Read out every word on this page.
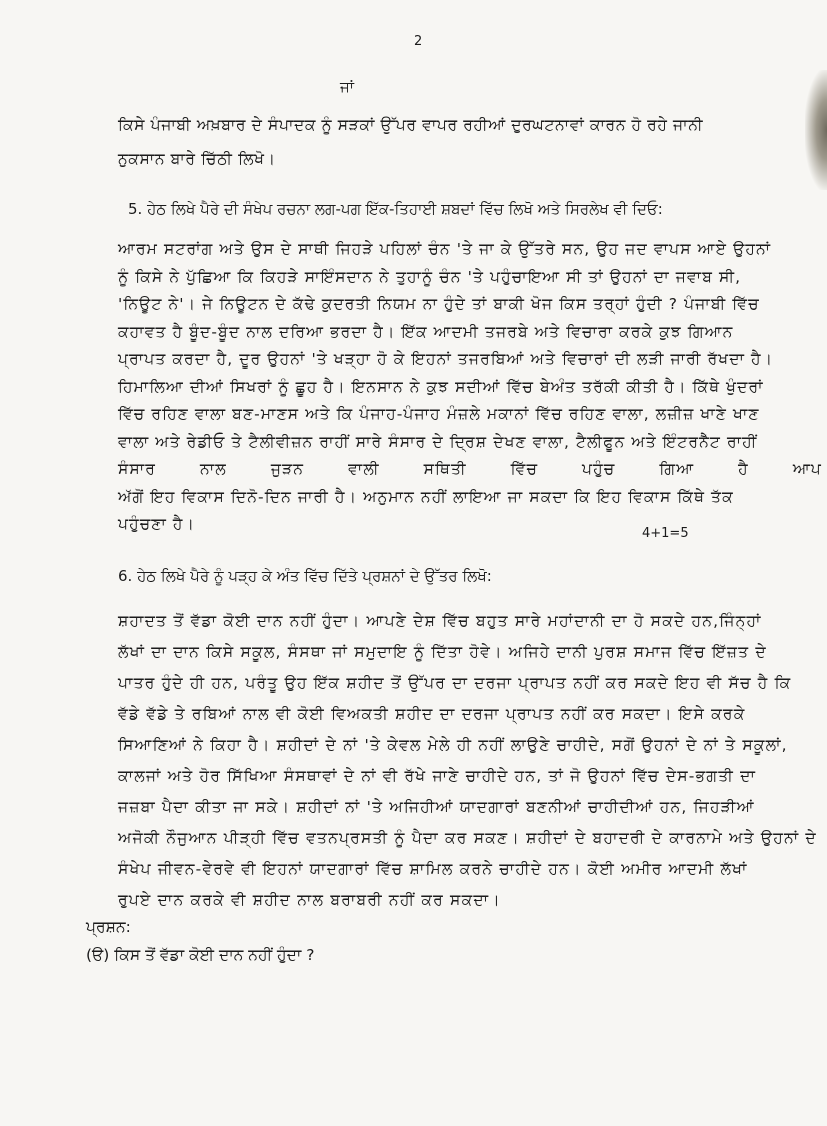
2
ਜਾਂ
ਕਿਸੇ ਪੰਜਾਬੀ ਅਖ਼ਬਾਰ ਦੇ ਸੰਪਾਦਕ ਨੂੰ ਸੜਕਾਂ ਉੱਪਰ ਵਾਪਰ ਰਹੀਆਂ ਦੁਰਘਟਨਾਵਾਂ ਕਾਰਨ ਹੋ ਰਹੇ ਜਾਨੀ
ਨੁਕਸਾਨ ਬਾਰੇ ਚਿੱਠੀ ਲਿਖੋ।
5. ਹੇਠ ਲਿਖੇ ਪੈਰੇ ਦੀ ਸੰਖੇਪ ਰਚਨਾ ਲਗ-ਪਗ ਇੱਕ-ਤਿਹਾਈ ਸ਼ਬਦਾਂ ਵਿੱਚ ਲਿਖੋ ਅਤੇ ਸਿਰਲੇਖ ਵੀ ਦਿਓ:
ਆਰਮ ਸਟਰਾਂਗ ਅਤੇ ਉਸ ਦੇ ਸਾਥੀ ਜਿਹੜੇ ਪਹਿਲਾਂ ਚੰਨ 'ਤੇ ਜਾ ਕੇ ਉੱਤਰੇ ਸਨ, ਉਹ ਜਦ ਵਾਪਸ ਆਏ ਉਹਨਾਂ
ਨੂੰ ਕਿਸੇ ਨੇ ਪੁੱਛਿਆ ਕਿ ਕਿਹੜੇ ਸਾਇੰਸਦਾਨ ਨੇ ਤੁਹਾਨੂੰ ਚੰਨ 'ਤੇ ਪਹੁੰਚਾਇਆ ਸੀ ਤਾਂ ਉਹਨਾਂ ਦਾ ਜਵਾਬ ਸੀ,
'ਨਿਊਟ ਨੇ'। ਜੇ ਨਿਊਟਨ ਦੇ ਕੱਢੇ ਕੁਦਰਤੀ ਨਿਯਮ ਨਾ ਹੁੰਦੇ ਤਾਂ ਬਾਕੀ ਖੋਜ ਕਿਸ ਤਰ੍ਹਾਂ ਹੁੰਦੀ ? ਪੰਜਾਬੀ ਵਿੱਚ
ਕਹਾਵਤ ਹੈ ਬੂੰਦ-ਬੂੰਦ ਨਾਲ ਦਰਿਆ ਭਰਦਾ ਹੈ। ਇੱਕ ਆਦਮੀ ਤਜਰਬੇ ਅਤੇ ਵਿਚਾਰਾ ਕਰਕੇ ਕੁਝ ਗਿਆਨ
ਪ੍ਰਾਪਤ ਕਰਦਾ ਹੈ, ਦੂਰ ਉਹਨਾਂ 'ਤੇ ਖੜ੍ਹਾ ਹੋ ਕੇ ਇਹਨਾਂ ਤਜਰਬਿਆਂ ਅਤੇ ਵਿਚਾਰਾਂ ਦੀ ਲੜੀ ਜਾਰੀ ਰੱਖਦਾ ਹੈ।
ਹਿਮਾਲਿਆ ਦੀਆਂ ਸਿਖਰਾਂ ਨੂੰ ਛੂਹ ਹੈ। ਇਨਸਾਨ ਨੇ ਕੁਝ ਸਦੀਆਂ ਵਿੱਚ ਬੇਅੰਤ ਤਰੱਕੀ ਕੀਤੀ ਹੈ। ਕਿੱਥੇ ਖੁੰਦਰਾਂ
ਵਿੱਚ ਰਹਿਣ ਵਾਲਾ ਬਣ-ਮਾਣਸ ਅਤੇ ਕਿ ਪੰਜਾਹ-ਪੰਜਾਹ ਮੰਜ਼ਲੇ ਮਕਾਨਾਂ ਵਿੱਚ ਰਹਿਣ ਵਾਲਾ, ਲਜ਼ੀਜ਼ ਖਾਣੇ ਖਾਣ
ਵਾਲਾ ਅਤੇ ਰੇਡੀਓ ਤੇ ਟੈਲੀਵੀਜ਼ਨ ਰਾਹੀਂ ਸਾਰੇ ਸੰਸਾਰ ਦੇ ਦ੍ਰਿਸ਼ ਦੇਖਣ ਵਾਲਾ, ਟੈਲੀਫੂਨ ਅਤੇ ਇੰਟਰਨੈੱਟ ਰਾਹੀਂ
ਸੰਸਾਰ ਨਾਲ ਜੁੜਨ ਵਾਲੀ ਸਥਿਤੀ ਵਿੱਚ ਪਹੁੰਚ ਗਿਆ ਹੈ ਆਪ
ਅੱਗੋਂ ਇਹ ਵਿਕਾਸ ਦਿਨੋ-ਦਿਨ ਜਾਰੀ ਹੈ। ਅਨੁਮਾਨ ਨਹੀਂ ਲਾਇਆ ਜਾ ਸਕਦਾ ਕਿ ਇਹ ਵਿਕਾਸ ਕਿੱਥੇ ਤੱਕ
ਪਹੁੰਚਣਾ ਹੈ।
4+1=5
6. ਹੇਠ ਲਿਖੇ ਪੈਰੇ ਨੂੰ ਪੜ੍ਹ ਕੇ ਅੰਤ ਵਿੱਚ ਦਿੱਤੇ ਪ੍ਰਸ਼ਨਾਂ ਦੇ ਉੱਤਰ ਲਿਖੋ:
ਸ਼ਹਾਦਤ ਤੋਂ ਵੱਡਾ ਕੋਈ ਦਾਨ ਨਹੀਂ ਹੁੰਦਾ। ਆਪਣੇ ਦੇਸ਼ ਵਿੱਚ ਬਹੁਤ ਸਾਰੇ ਮਹਾਂਦਾਨੀ ਦਾ ਹੋ ਸਕਦੇ ਹਨ,ਜਿੰਨ੍ਹਾਂ
ਲੱਖਾਂ ਦਾ ਦਾਨ ਕਿਸੇ ਸਕੂਲ, ਸੰਸਥਾ ਜਾਂ ਸਮੁਦਾਇ ਨੂੰ ਦਿੱਤਾ ਹੋਵੇ। ਅਜਿਹੇ ਦਾਨੀ ਪੁਰਸ਼ ਸਮਾਜ ਵਿੱਚ ਇੱਜ਼ਤ ਦੇ
ਪਾਤਰ ਹੁੰਦੇ ਹੀ ਹਨ, ਪਰੰਤੂ ਉਹ ਇੱਕ ਸ਼ਹੀਦ ਤੋਂ ਉੱਪਰ ਦਾ ਦਰਜਾ ਪ੍ਰਾਪਤ ਨਹੀਂ ਕਰ ਸਕਦੇ ਇਹ ਵੀ ਸੱਚ ਹੈ ਕਿ
ਵੱਡੇ ਵੱਡੇ ਤੇ ਰਬਿਆਂ ਨਾਲ ਵੀ ਕੋਈ ਵਿਅਕਤੀ ਸ਼ਹੀਦ ਦਾ ਦਰਜਾ ਪ੍ਰਾਪਤ ਨਹੀਂ ਕਰ ਸਕਦਾ। ਇਸੇ ਕਰਕੇ
ਸਿਆਣਿਆਂ ਨੇ ਕਿਹਾ ਹੈ। ਸ਼ਹੀਦਾਂ ਦੇ ਨਾਂ 'ਤੇ ਕੇਵਲ ਮੇਲੇ ਹੀ ਨਹੀਂ ਲਾਉਣੇ ਚਾਹੀਦੇ, ਸਗੋਂ ਉਹਨਾਂ ਦੇ ਨਾਂ ਤੇ ਸਕੂਲਾਂ,
ਕਾਲਜਾਂ ਅਤੇ ਹੋਰ ਸਿੱਖਿਆ ਸੰਸਥਾਵਾਂ ਦੇ ਨਾਂ ਵੀ ਰੱਖੇ ਜਾਣੇ ਚਾਹੀਦੇ ਹਨ, ਤਾਂ ਜੋ ਉਹਨਾਂ ਵਿੱਚ ਦੇਸ-ਭਗਤੀ ਦਾ
ਜਜ਼ਬਾ ਪੈਦਾ ਕੀਤਾ ਜਾ ਸਕੇ। ਸ਼ਹੀਦਾਂ ਨਾਂ 'ਤੇ ਅਜਿਹੀਆਂ ਯਾਦਗਾਰਾਂ ਬਣਨੀਆਂ ਚਾਹੀਦੀਆਂ ਹਨ, ਜਿਹੜੀਆਂ
ਅਜੋਕੀ ਨੌਜੁਆਨ ਪੀੜ੍ਹੀ ਵਿੱਚ ਵਤਨਪ੍ਰਸਤੀ ਨੂੰ ਪੈਦਾ ਕਰ ਸਕਣ। ਸ਼ਹੀਦਾਂ ਦੇ ਬਹਾਦਰੀ ਦੇ ਕਾਰਨਾਮੇ ਅਤੇ ਉਹਨਾਂ ਦੇ
ਸੰਖੇਪ ਜੀਵਨ-ਵੇਰਵੇ ਵੀ ਇਹਨਾਂ ਯਾਦਗਾਰਾਂ ਵਿੱਚ ਸ਼ਾਮਿਲ ਕਰਨੇ ਚਾਹੀਦੇ ਹਨ। ਕੋਈ ਅਮੀਰ ਆਦਮੀ ਲੱਖਾਂ
ਰੁਪਏ ਦਾਨ ਕਰਕੇ ਵੀ ਸ਼ਹੀਦ ਨਾਲ ਬਰਾਬਰੀ ਨਹੀਂ ਕਰ ਸਕਦਾ।
ਪ੍ਰਸ਼ਨ:
(ੳ) ਕਿਸ ਤੋਂ ਵੱਡਾ ਕੋਈ ਦਾਨ ਨਹੀਂ ਹੁੰਦਾ ?
